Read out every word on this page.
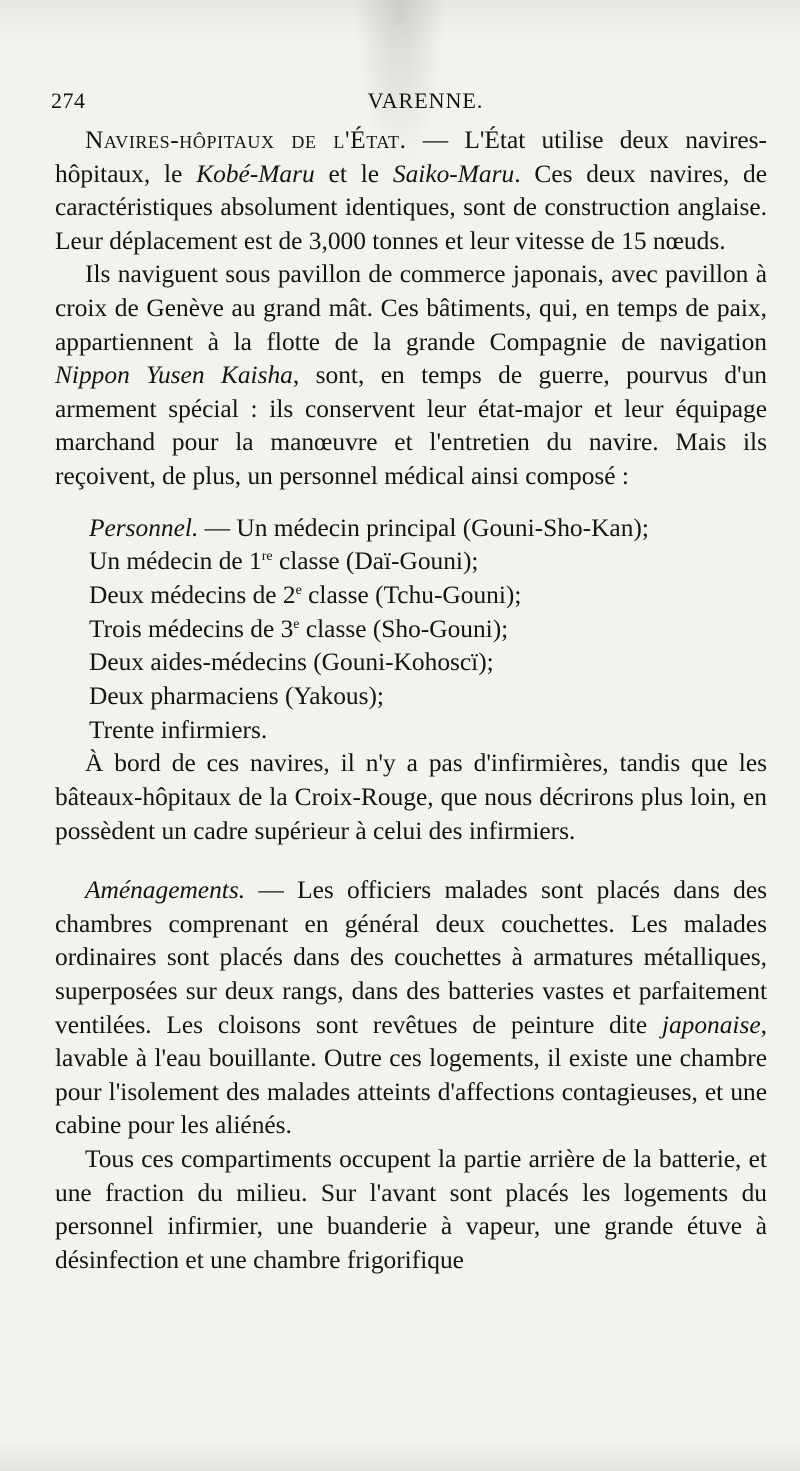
274	VARENNE.

Navires-hôpitaux de l'État. — L'État utilise deux navires-hôpitaux, le Kobé-Maru et le Saiko-Maru. Ces deux navires, de caractéristiques absolument identiques, sont de construction anglaise. Leur déplacement est de 3,000 tonnes et leur vitesse de 15 nœuds.

Ils naviguent sous pavillon de commerce japonais, avec pavillon à croix de Genève au grand mât. Ces bâtiments, qui, en temps de paix, appartiennent à la flotte de la grande Compagnie de navigation Nippon Yusen Kaisha, sont, en temps de guerre, pourvus d'un armement spécial : ils conservent leur état-major et leur équipage marchand pour la manœuvre et l'entretien du navire. Mais ils reçoivent, de plus, un personnel médical ainsi composé :

Personnel. — Un médecin principal (Gouni-Sho-Kan);
Un médecin de 1re classe (Daï-Gouni);
Deux médecins de 2e classe (Tchu-Gouni);
Trois médecins de 3e classe (Sho-Gouni);
Deux aides-médecins (Gouni-Kohoscï);
Deux pharmaciens (Yakous);
Trente infirmiers.

À bord de ces navires, il n'y a pas d'infirmières, tandis que les bâteaux-hôpitaux de la Croix-Rouge, que nous décrirons plus loin, en possèdent un cadre supérieur à celui des infirmiers.

Aménagements. — Les officiers malades sont placés dans des chambres comprenant en général deux couchettes. Les malades ordinaires sont placés dans des couchettes à armatures métalliques, superposées sur deux rangs, dans des batteries vastes et parfaitement ventilées. Les cloisons sont revêtues de peinture dite japonaise, lavable à l'eau bouillante. Outre ces logements, il existe une chambre pour l'isolement des malades atteints d'affections contagieuses, et une cabine pour les aliénés.

Tous ces compartiments occupent la partie arrière de la batterie, et une fraction du milieu. Sur l'avant sont placés les logements du personnel infirmier, une buanderie à vapeur, une grande étuve à désinfection et une chambre frigorifique
